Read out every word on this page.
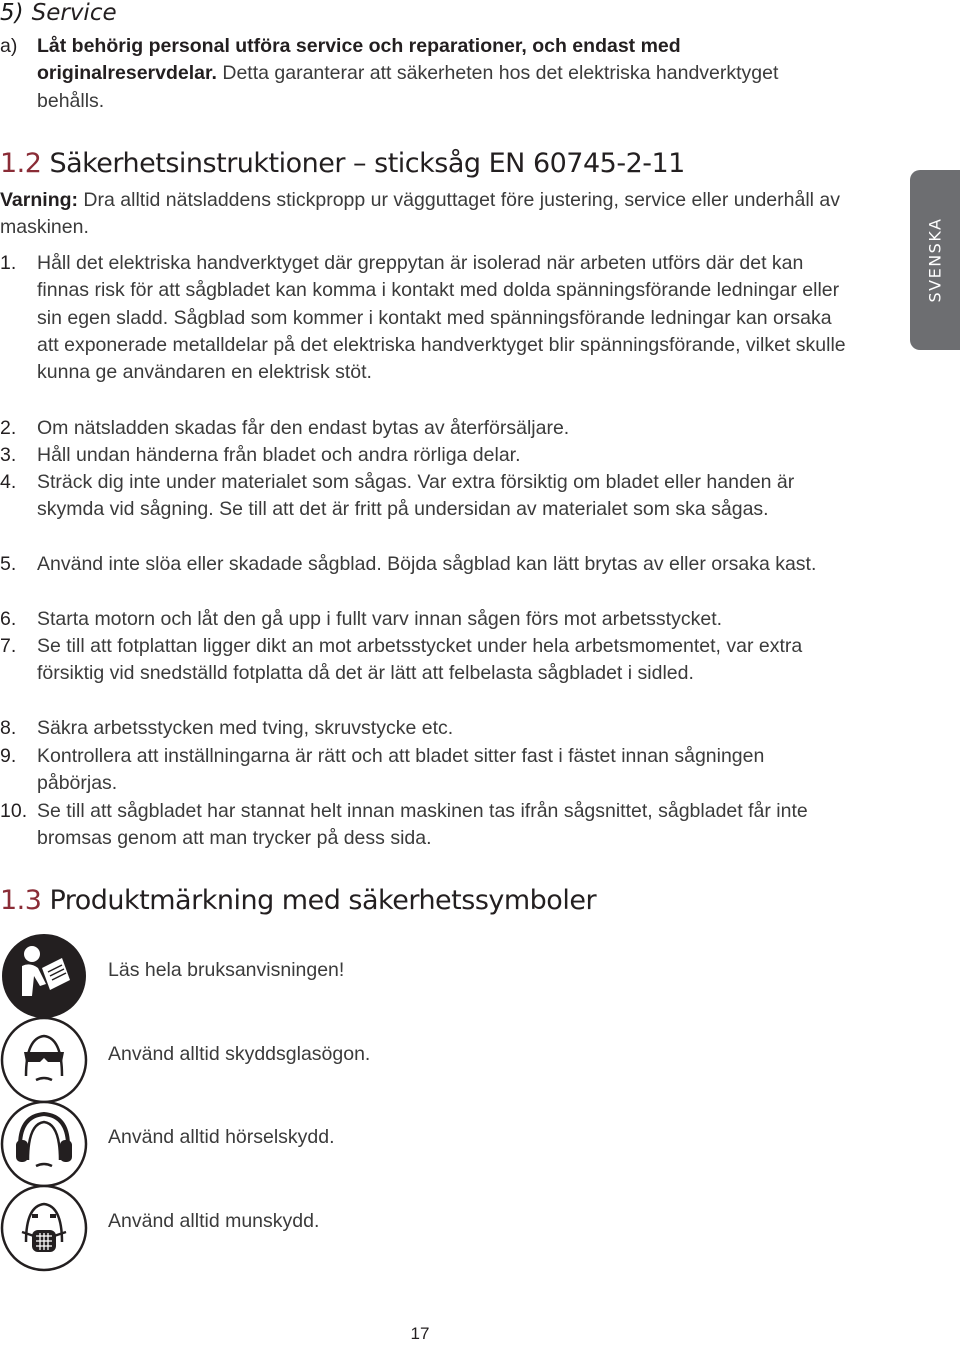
5) Service
a) Låt behörig personal utföra service och reparationer, och endast med originalreservdelar. Detta garanterar att säkerheten hos det elektriska handverktyget behålls.
1.2 Säkerhetsinstruktioner – sticksåg EN 60745-2-11
Varning: Dra alltid nätsladdens stickpropp ur vägguttaget före justering, service eller underhåll av maskinen.
1. Håll det elektriska handverktyget där greppytan är isolerad när arbeten utförs där det kan finnas risk för att sågbladet kan komma i kontakt med dolda spänningsförande ledningar eller sin egen sladd. Sågblad som kommer i kontakt med spänningsförande ledningar kan orsaka att exponerade metalldelar på det elektriska handverktyget blir spänningsförande, vilket skulle kunna ge användaren en elektrisk stöt.
2. Om nätsladden skadas får den endast bytas av återförsäljare.
3. Håll undan händerna från bladet och andra rörliga delar.
4. Sträck dig inte under materialet som sågas. Var extra försiktig om bladet eller handen är skymda vid sågning. Se till att det är fritt på undersidan av materialet som ska sågas.
5. Använd inte slöa eller skadade sågblad. Böjda sågblad kan lätt brytas av eller orsaka kast.
6. Starta motorn och låt den gå upp i fullt varv innan sågen förs mot arbetsstycket.
7. Se till att fotplattan ligger dikt an mot arbetsstycket under hela arbetsmomentet, var extra försiktig vid snedställd fotplatta då det är lätt att felbelasta sågbladet i sidled.
8. Säkra arbetsstycken med tving, skruvstycke etc.
9. Kontrollera att inställningarna är rätt och att bladet sitter fast i fästet innan sågningen påbörjas.
10. Se till att sågbladet har stannat helt innan maskinen tas ifrån sågsnittet, sågbladet får inte bromsas genom att man trycker på dess sida.
1.3 Produktmärkning med säkerhetssymboler
Läs hela bruksanvisningen!
Använd alltid skyddsglasögon.
Använd alltid hörselskydd.
Använd alltid munskydd.
SVENSKA
17
